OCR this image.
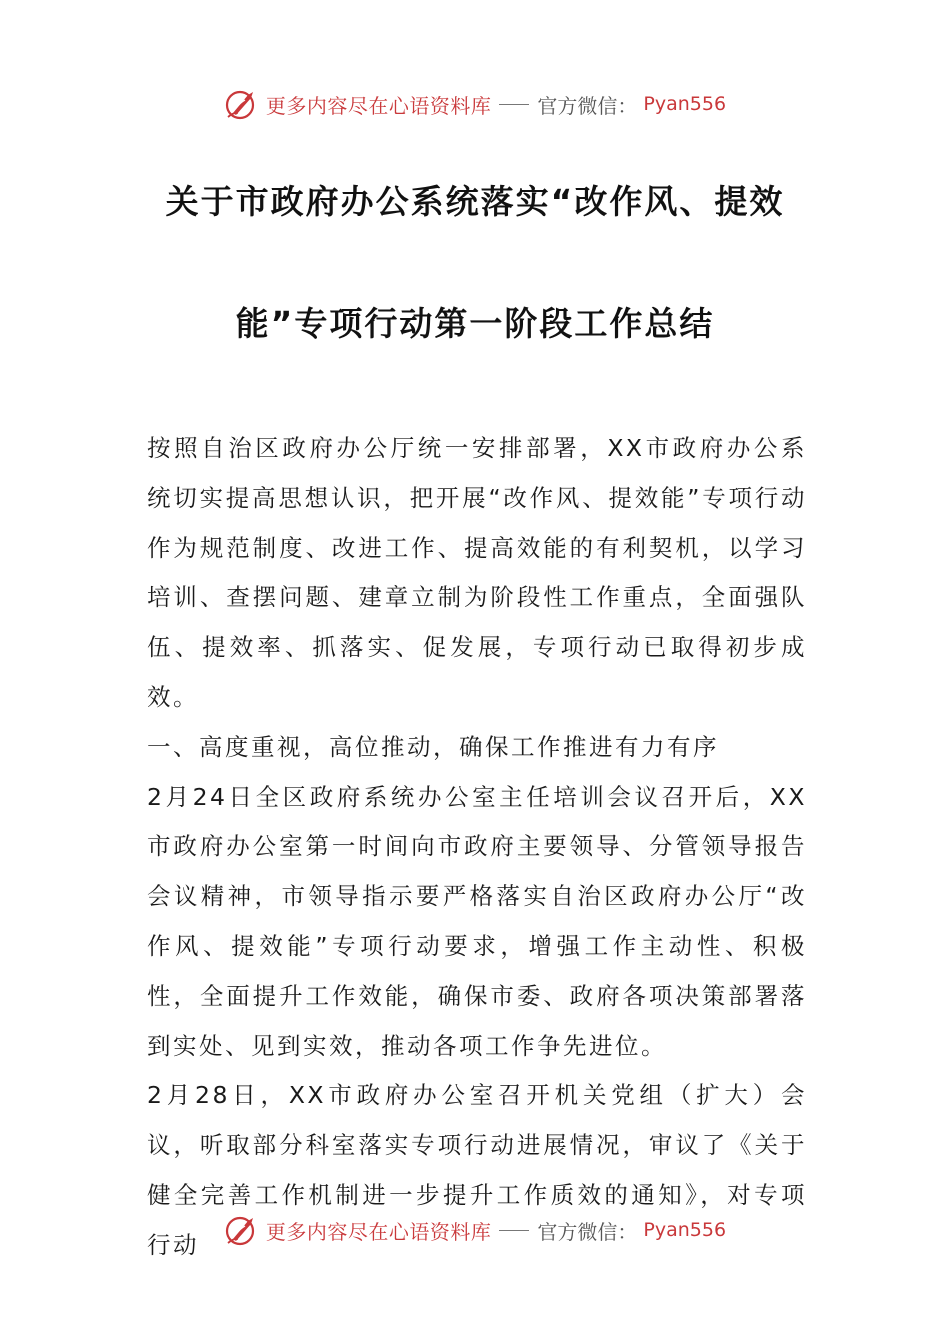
更多内容尽在心语资料库 官方微信： Pyan556
关于市政府办公系统落实“改作风、提效
能”专项行动第一阶段工作总结

按照自治区政府办公厅统一安排部署，XX市政府办公系统切实提高思想认识，把开展“改作风、提效能”专项行动作为规范制度、改进工作、提高效能的有利契机，以学习培训、查摆问题、建章立制为阶段性工作重点，全面强队伍、提效率、抓落实、促发展，专项行动已取得初步成效。

一、高度重视，高位推动，确保工作推进有力有序

2月24日全区政府系统办公室主任培训会议召开后，XX市政府办公室第一时间向市政府主要领导、分管领导报告会议精神，市领导指示要严格落实自治区政府办公厅“改作风、提效能”专项行动要求，增强工作主动性、积极性，全面提升工作效能，确保市委、政府各项决策部署落到实处、见到实效，推动各项工作争先进位。

2月28日，XX市政府办公室召开机关党组（扩大）会议，听取部分科室落实专项行动进展情况，审议了《关于健全完善工作机制进一步提升工作质效的通知》，对专项行动	更多内容尽在心语资料库 官方微信： Pyan556
